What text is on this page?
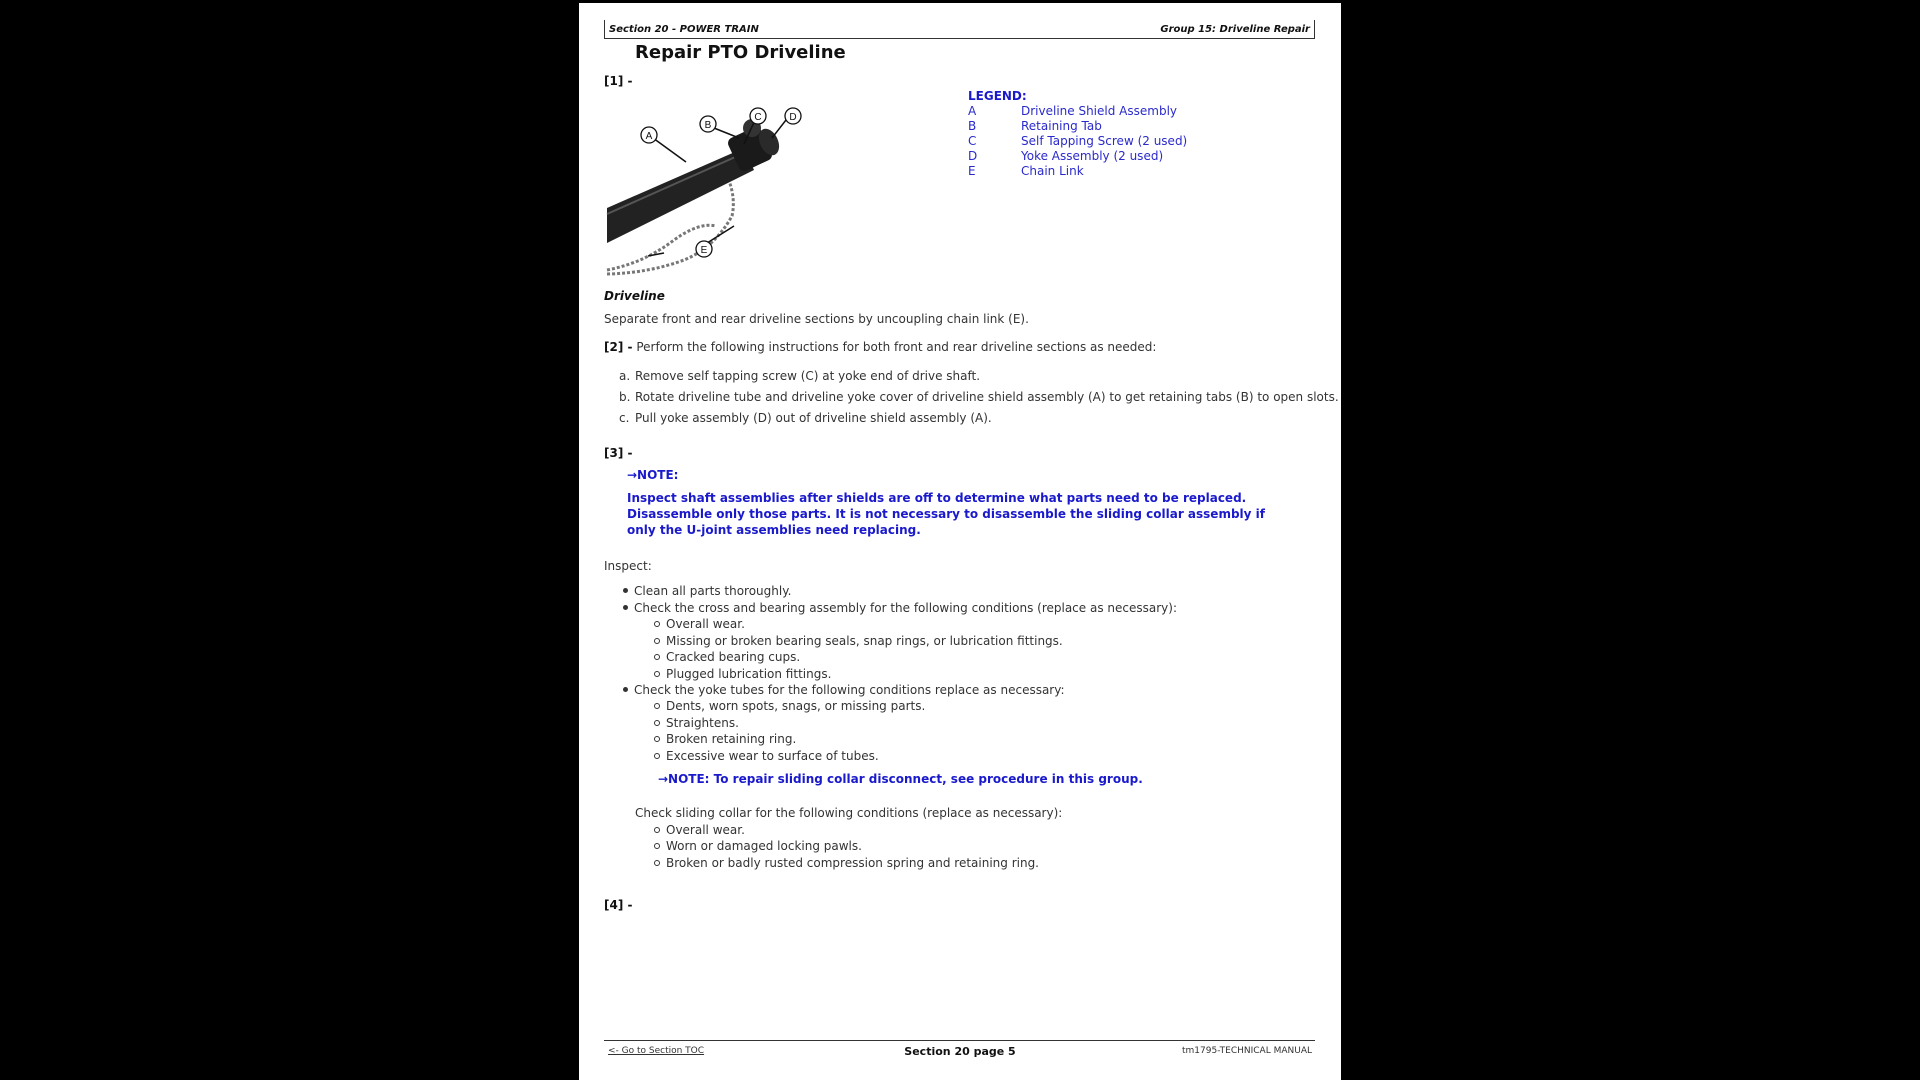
Section 20 - POWER TRAIN	Group 15: Driveline Repair
Repair PTO Driveline
[1] -
A
B
C	D
E
LEGEND:
A	Driveline Shield Assembly
B	Retaining Tab
C	Self Tapping Screw (2 used)
D	Yoke Assembly (2 used)
E	Chain Link
Driveline
Separate front and rear driveline sections by uncoupling chain link (E).
[2] - Perform the following instructions for both front and rear driveline sections as needed:
a. Remove self tapping screw (C) at yoke end of drive shaft.
b. Rotate driveline tube and driveline yoke cover of driveline shield assembly (A) to get retaining tabs (B) to open slots.
c. Pull yoke assembly (D) out of driveline shield assembly (A).
[3] -
→NOTE:
Inspect shaft assemblies after shields are off to determine what parts need to be replaced. Disassemble only those parts. It is not necessary to disassemble the sliding collar assembly if only the U-joint assemblies need replacing.
Inspect:
Clean all parts thoroughly.
Check the cross and bearing assembly for the following conditions (replace as necessary):
Overall wear.
Missing or broken bearing seals, snap rings, or lubrication fittings.
Cracked bearing cups.
Plugged lubrication fittings.
Check the yoke tubes for the following conditions replace as necessary:
Dents, worn spots, snags, or missing parts.
Straightens.
Broken retaining ring.
Excessive wear to surface of tubes.
→NOTE: To repair sliding collar disconnect, see procedure in this group.
Check sliding collar for the following conditions (replace as necessary):
Overall wear.
Worn or damaged locking pawls.
Broken or badly rusted compression spring and retaining ring.
[4] -
<- Go to Section TOC	Section 20 page 5	tm1795-TECHNICAL MANUAL
